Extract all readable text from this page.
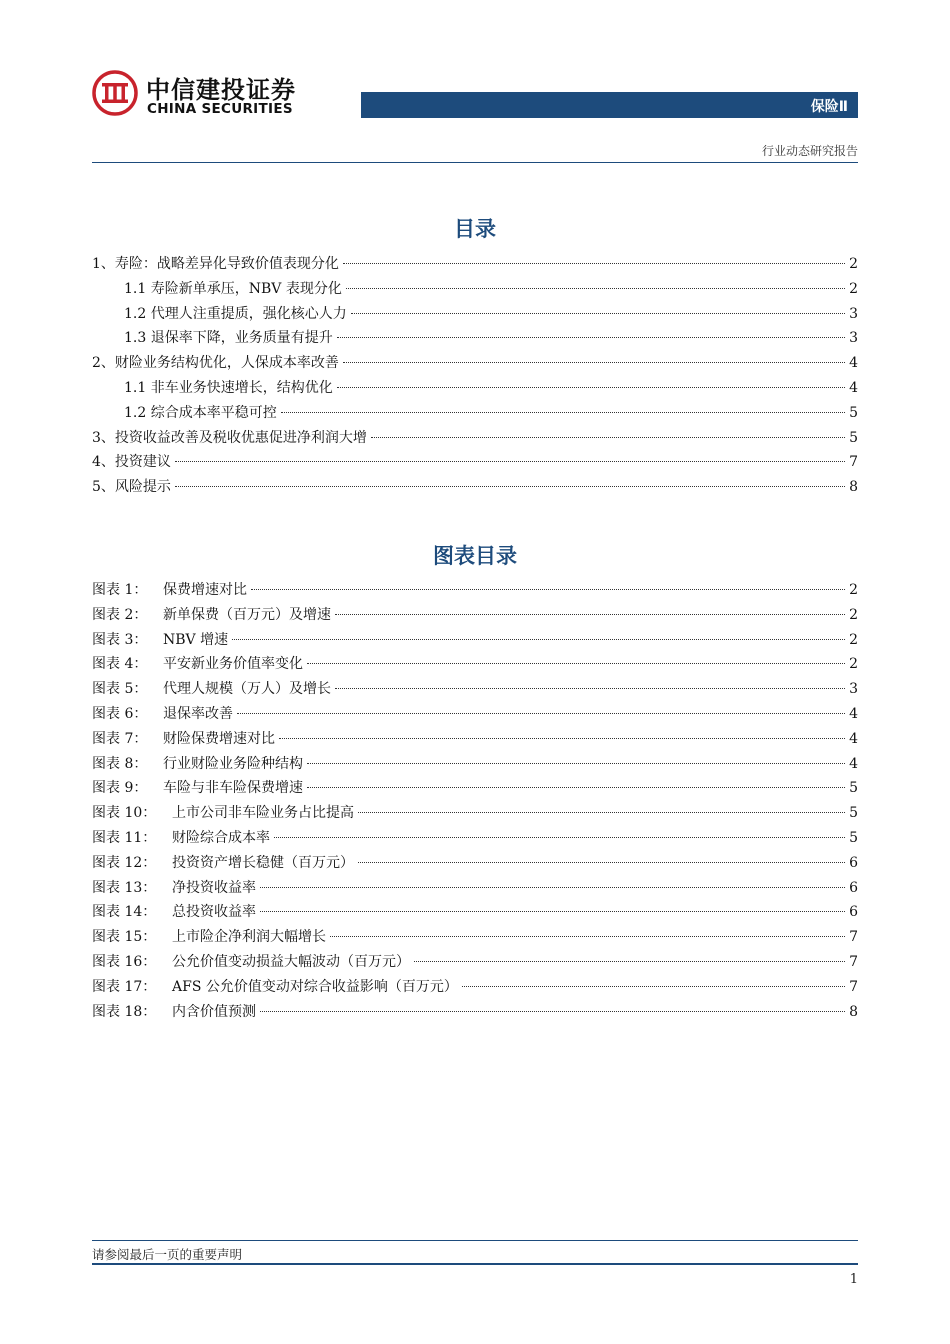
中信建投证券
CHINA SECURITIES	保险Ⅱ
行业动态研究报告
目录
1、寿险：战略差异化导致价值表现分化	2
1.1 寿险新单承压，NBV 表现分化	2
1.2 代理人注重提质，强化核心人力	3
1.3 退保率下降，业务质量有提升	3
2、财险业务结构优化，人保成本率改善	4
1.1 非车业务快速增长，结构优化	4
1.2 综合成本率平稳可控	5
3、投资收益改善及税收优惠促进净利润大增	5
4、投资建议	7
5、风险提示	8
图表目录
图表 1：	保费增速对比	2
图表 2：	新单保费（百万元）及增速	2
图表 3：	NBV 增速	2
图表 4：	平安新业务价值率变化	2
图表 5：	代理人规模（万人）及增长	3
图表 6：	退保率改善	4
图表 7：	财险保费增速对比	4
图表 8：	行业财险业务险种结构	4
图表 9：	车险与非车险保费增速	5
图表 10：	上市公司非车险业务占比提高	5
图表 11：	财险综合成本率	5
图表 12：	投资资产增长稳健（百万元）	6
图表 13：	净投资收益率	6
图表 14：	总投资收益率	6
图表 15：	上市险企净利润大幅增长	7
图表 16：	公允价值变动损益大幅波动（百万元）	7
图表 17：	AFS 公允价值变动对综合收益影响（百万元）	7
图表 18：	内含价值预测	8
请参阅最后一页的重要声明
1
